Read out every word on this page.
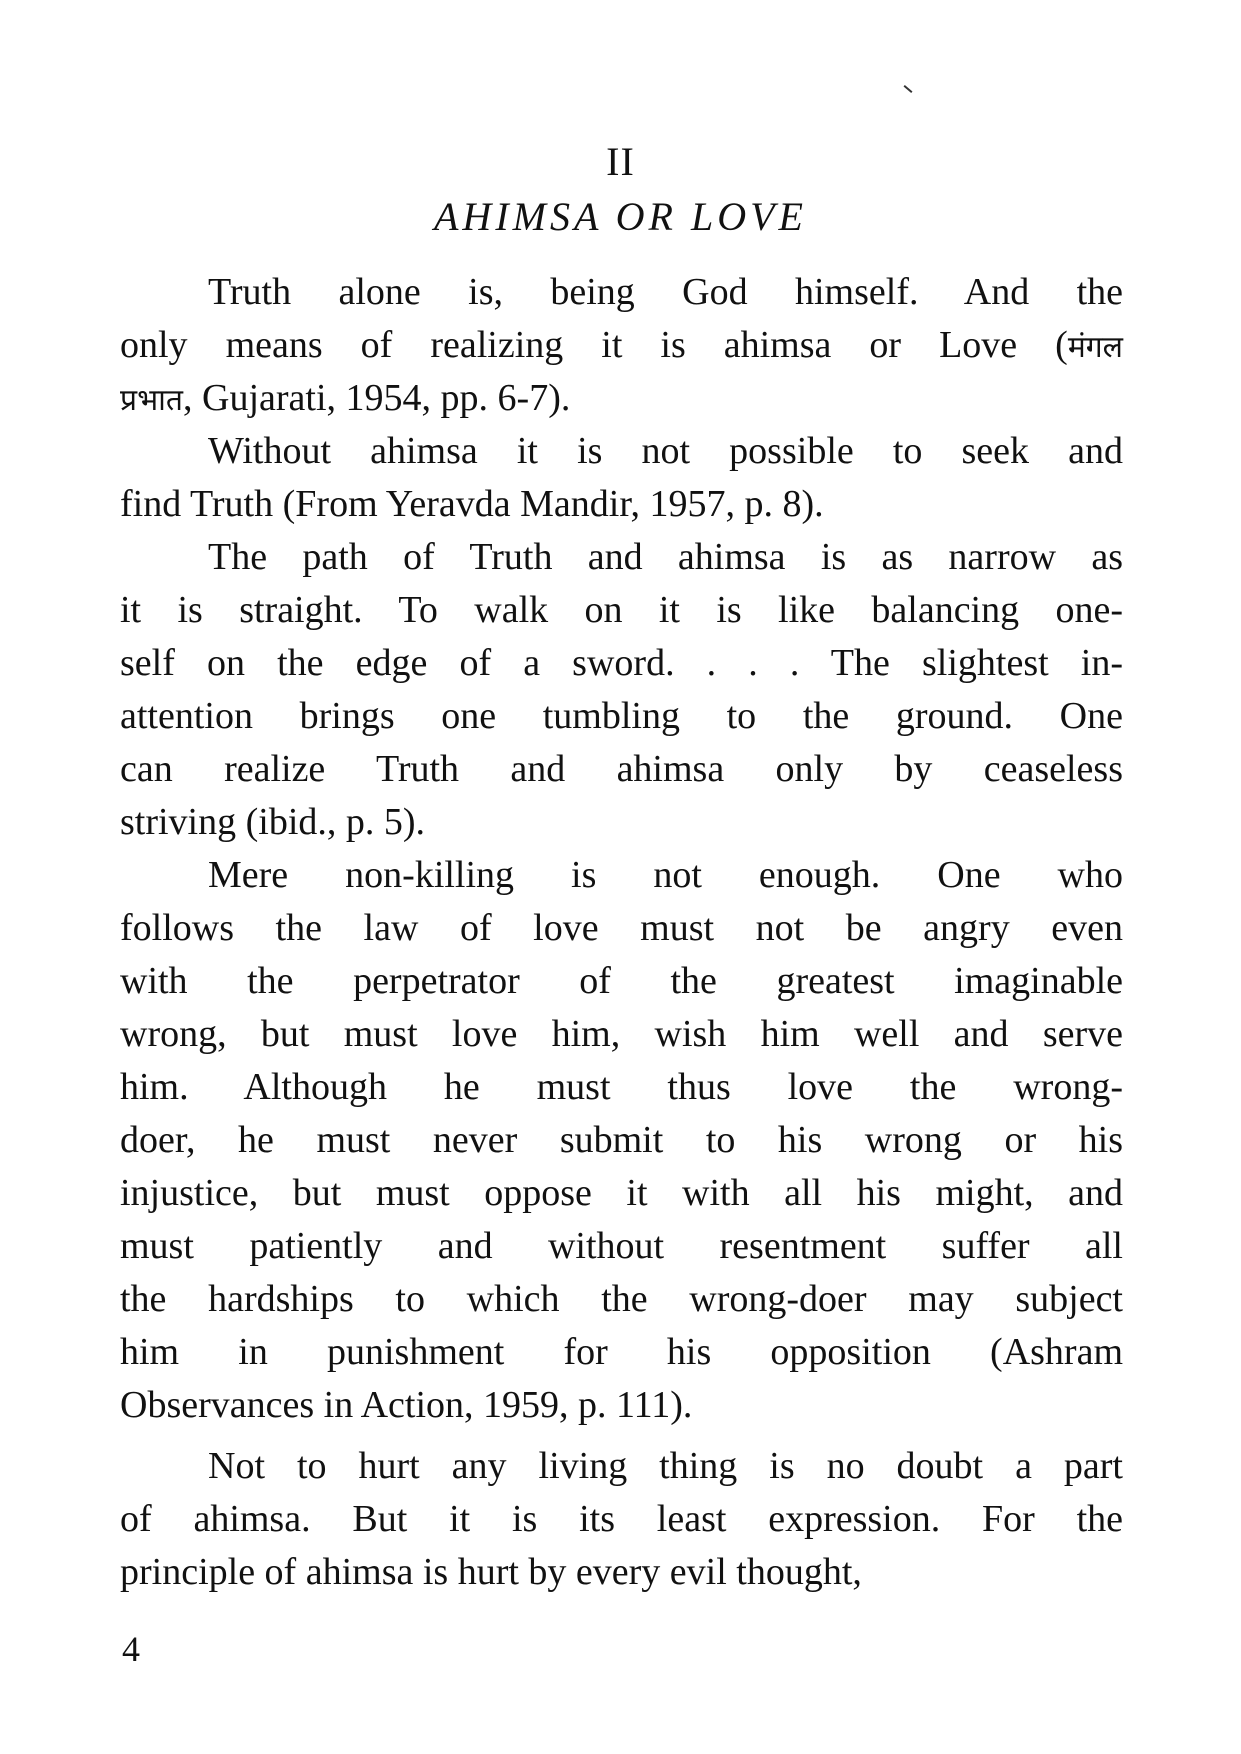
II
AHIMSA OR LOVE
Truth alone is, being God himself. And the
only means of realizing it is ahimsa or Love (मंगल
प्रभात, Gujarati, 1954, pp. 6-7).
Without ahimsa it is not possible to seek and
find Truth (From Yeravda Mandir, 1957, p. 8).
The path of Truth and ahimsa is as narrow as
it is straight. To walk on it is like balancing one-
self on the edge of a sword. . . . The slightest in-
attention brings one tumbling to the ground. One
can realize Truth and ahimsa only by ceaseless
striving (ibid., p. 5).
Mere non-killing is not enough. One who
follows the law of love must not be angry even
with the perpetrator of the greatest imaginable
wrong, but must love him, wish him well and serve
him. Although he must thus love the wrong-
doer, he must never submit to his wrong or his
injustice, but must oppose it with all his might, and
must patiently and without resentment suffer all
the hardships to which the wrong-doer may subject
him in punishment for his opposition (Ashram
Observances in Action, 1959, p. 111).
Not to hurt any living thing is no doubt a part
of ahimsa. But it is its least expression. For the
principle of ahimsa is hurt by every evil thought,
4
